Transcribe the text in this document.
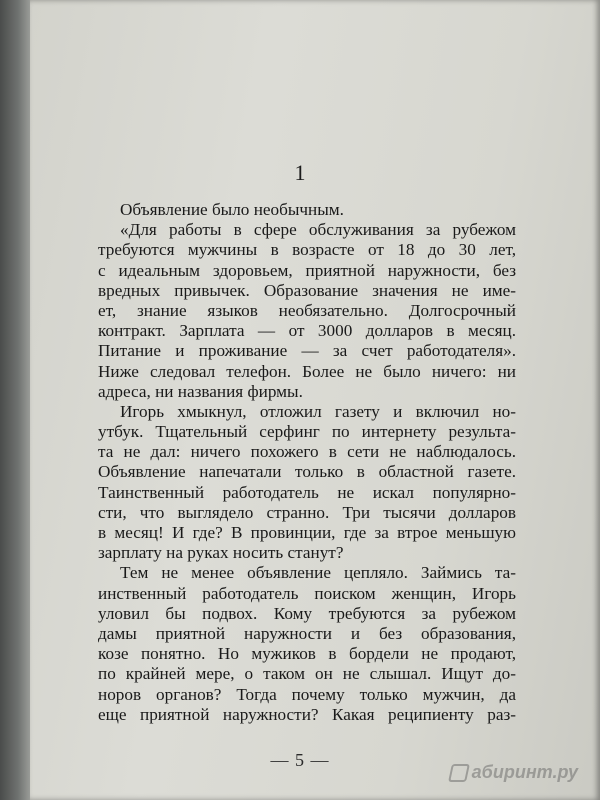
1
Объявление было необычным.
«Для работы в сфере обслуживания за рубежом
требуются мужчины в возрасте от 18 до 30 лет,
с идеальным здоровьем, приятной наружности, без
вредных привычек. Образование значения не име-
ет, знание языков необязательно. Долгосрочный
контракт. Зарплата — от 3000 долларов в месяц.
Питание и проживание — за счет работодателя».
Ниже следовал телефон. Более не было ничего: ни
адреса, ни названия фирмы.
Игорь хмыкнул, отложил газету и включил но-
утбук. Тщательный серфинг по интернету результа-
та не дал: ничего похожего в сети не наблюдалось.
Объявление напечатали только в областной газете.
Таинственный работодатель не искал популярно-
сти, что выглядело странно. Три тысячи долларов
в месяц! И где? В провинции, где за втрое меньшую
зарплату на руках носить станут?
Тем не менее объявление цепляло. Займись та-
инственный работодатель поиском женщин, Игорь
уловил бы подвох. Кому требуются за рубежом
дамы приятной наружности и без образования,
козе понятно. Но мужиков в бордели не продают,
по крайней мере, о таком он не слышал. Ищут до-
норов органов? Тогда почему только мужчин, да
еще приятной наружности? Какая реципиенту раз-
— 5 —
абиринт.ру
